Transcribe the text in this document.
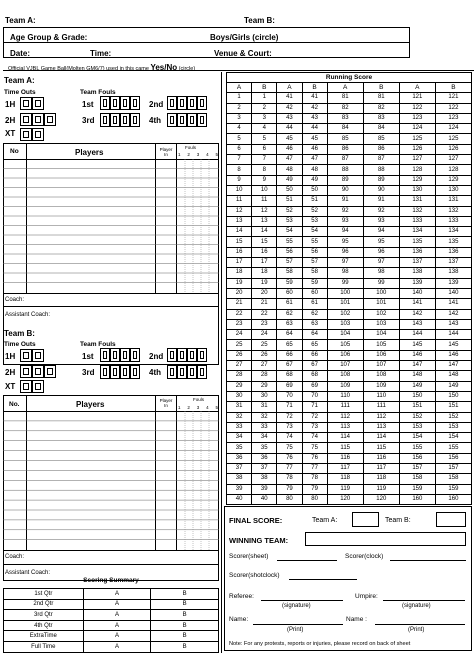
Team A:	Team B:
Age Group & Grade:	Boys/Girls (circle)
Date:	Time:	Venue & Court:
Official VJBL Game Ball(Molten GM6/7) used in this came Yes/No (circle)
Team A:
Time Outs	Team Fouls
1H
2H
XT
1st	2nd
3rd	4th
No	Players	Player In
Fouls
1 2 3 4 5
Coach:
Assistant Coach:
Team B:
Time Outs	Team Fouls
1H
2H
XT
1st	2nd
3rd	4th
No.	Players	Player In
Fouls
1 2 3 4 5
Coach:
Assistant Coach:
Scoring Summary
1st Qtr	A	B
2nd Qtr	A	B
3rd Qtr	A	B
4th Qtr	A	B
ExtraTime	A	B
Full Time	A	B
Running Score
A	B	A	B	A	B	A	B
1	1	41	41	81	81	121	121
2	2	42	42	82	82	122	122
3	3	43	43	83	83	123	123
4	4	44	44	84	84	124	124
5	5	45	45	85	85	125	125
6	6	46	46	86	86	126	126
7	7	47	47	87	87	127	127
8	8	48	48	88	88	128	128
9	9	49	49	89	89	129	129
10	10	50	50	90	90	130	130
11	11	51	51	91	91	131	131
12	12	52	52	92	92	132	132
13	13	53	53	93	93	133	133
14	14	54	54	94	94	134	134
15	15	55	55	95	95	135	135
16	16	56	56	96	96	136	136
17	17	57	57	97	97	137	137
18	18	58	58	98	98	138	138
19	19	59	59	99	99	139	139
20	20	60	60	100	100	140	140
21	21	61	61	101	101	141	141
22	22	62	62	102	102	142	142
23	23	63	63	103	103	143	143
24	24	64	64	104	104	144	144
25	25	65	65	105	105	145	145
26	26	66	66	106	106	146	146
27	27	67	67	107	107	147	147
28	28	68	68	108	108	148	148
29	29	69	69	109	109	149	149
30	30	70	70	110	110	150	150
31	31	71	71	111	111	151	151
32	32	72	72	112	112	152	152
33	33	73	73	113	113	153	153
34	34	74	74	114	114	154	154
35	35	75	75	115	115	155	155
36	36	76	76	116	116	156	156
37	37	77	77	117	117	157	157
38	38	78	78	118	118	158	158
39	39	79	79	119	119	159	159
40	40	80	80	120	120	160	160
FINAL SCORE:	Team A:	Team B:
WINNING TEAM:
Scorer(sheet)	Scorer(clock)
Scorer(shotclock)
Referee:
(signature)
Umpire:
(signature)
Name:
(Print)
Name :
(Print)
Note: For any protests, reports or injuries, please record on back of sheet
